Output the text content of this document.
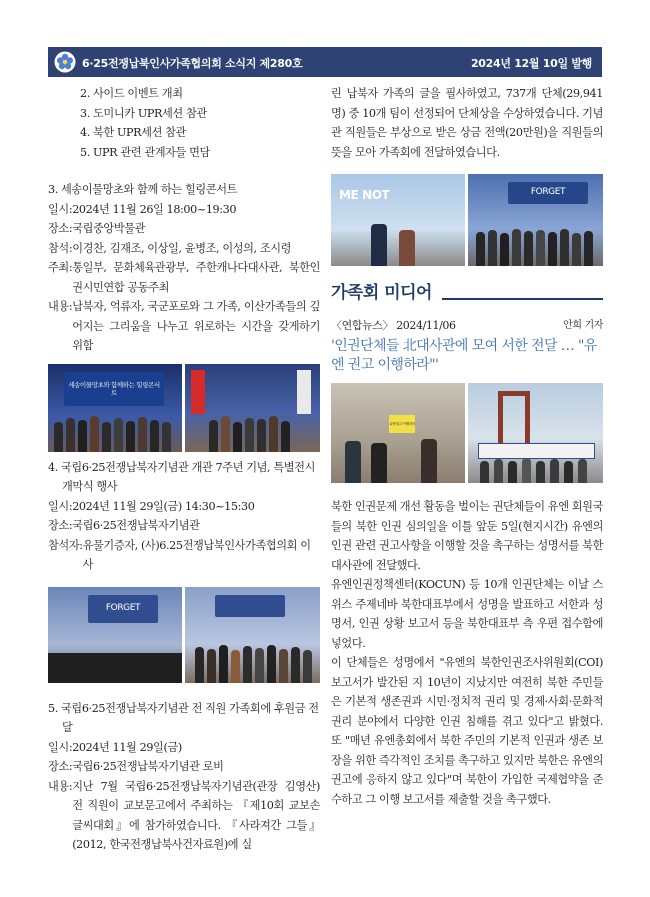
6·25전쟁납북인사가족협의회 소식지 제280호	2024년 12월 10일 발행
2. 사이드 이벤트 개최
3. 도미니카 UPR세션 참관
4. 북한 UPR세션 참관
5. UPR 관련 관계자들 면담
3. 세송이물망초와 함께 하는 힐링콘서트
일시: 2024년 11월 26일 18:00~19:30
장소: 국립중앙박물관
참석: 이경찬, 김재조, 이상일, 윤병조, 이성의, 조시령
주최: 통일부, 문화체육관광부, 주한캐나다대사관, 북한인권시민연합 공동주최
내용: 납북자, 억류자, 국군포로와 그 가족, 이산가족들의 깊어지는 그리움을 나누고 위로하는 시간을 갖게하기 위함
세송이물망초와 함께하는 힐링콘서트
4. 국립6·25전쟁납북자기념관 개관 7주년 기념, 특별전시 개막식 행사
일시: 2024년 11월 29일(금) 14:30~15:30
장소: 국립6·25전쟁납북자기념관
참석자: 유물기증자, (사)6.25전쟁납북인사가족협의회 이사
FORGET
5. 국립6·25전쟁납북자기념관 전 직원 가족회에 후원금 전달
일시: 2024년 11월 29일(금)
장소: 국립6·25전쟁납북자기념관 로비
내용: 지난 7월 국립6·25전쟁납북자기념관(관장 김영산) 전 직원이 교보문고에서 주최하는 『제10회 교보손글씨대회』에 참가하였습니다. 『사라져간 그들』(2012, 한국전쟁납북사건자료원)에 실
린 납북자 가족의 글을 필사하였고, 737개 단체(29,941명) 중 10개 팀이 선정되어 단체상을 수상하였습니다. 기념관 직원들은 부상으로 받은 상금 전액(20만원)을 직원들의 뜻을 모아 가족회에 전달하였습니다.
ME NOT	FORGET
가족회 미디어
〈연합뉴스〉 2024/11/06	안희 기자
'인권단체들 北대사관에 모여 서한 전달 … "유엔 권고 이행하라"'
유엔 권고 이행하라
북한 인권문제 개선 활동을 벌이는 권단체들이 유엔 회원국들의 북한 인권 심의일을 이틀 앞둔 5일(현지시간) 유엔의 인권 관련 권고사항을 이행할 것을 촉구하는 성명서를 북한 대사관에 전달했다.
유엔인권정책센터(KOCUN) 등 10개 인권단체는 이날 스위스 주제네바 북한대표부에서 성명을 발표하고 서한과 성명서, 인권 상황 보고서 등을 북한대표부 측 우편 접수함에 넣었다.
이 단체들은 성명에서 "유엔의 북한인권조사위원회(COI) 보고서가 발간된 지 10년이 지났지만 여전히 북한 주민들은 기본적 생존권과 시민·정치적 권리 및 경제·사회·문화적 권리 분야에서 다양한 인권 침해를 겪고 있다"고 밝혔다. 또 "매년 유엔총회에서 북한 주민의 기본적 인권과 생존 보장을 위한 즉각적인 조치를 촉구하고 있지만 북한은 유엔의 권고에 응하지 않고 있다"며 북한이 가입한 국제협약을 준수하고 그 이행 보고서를 제출할 것을 촉구했다.
